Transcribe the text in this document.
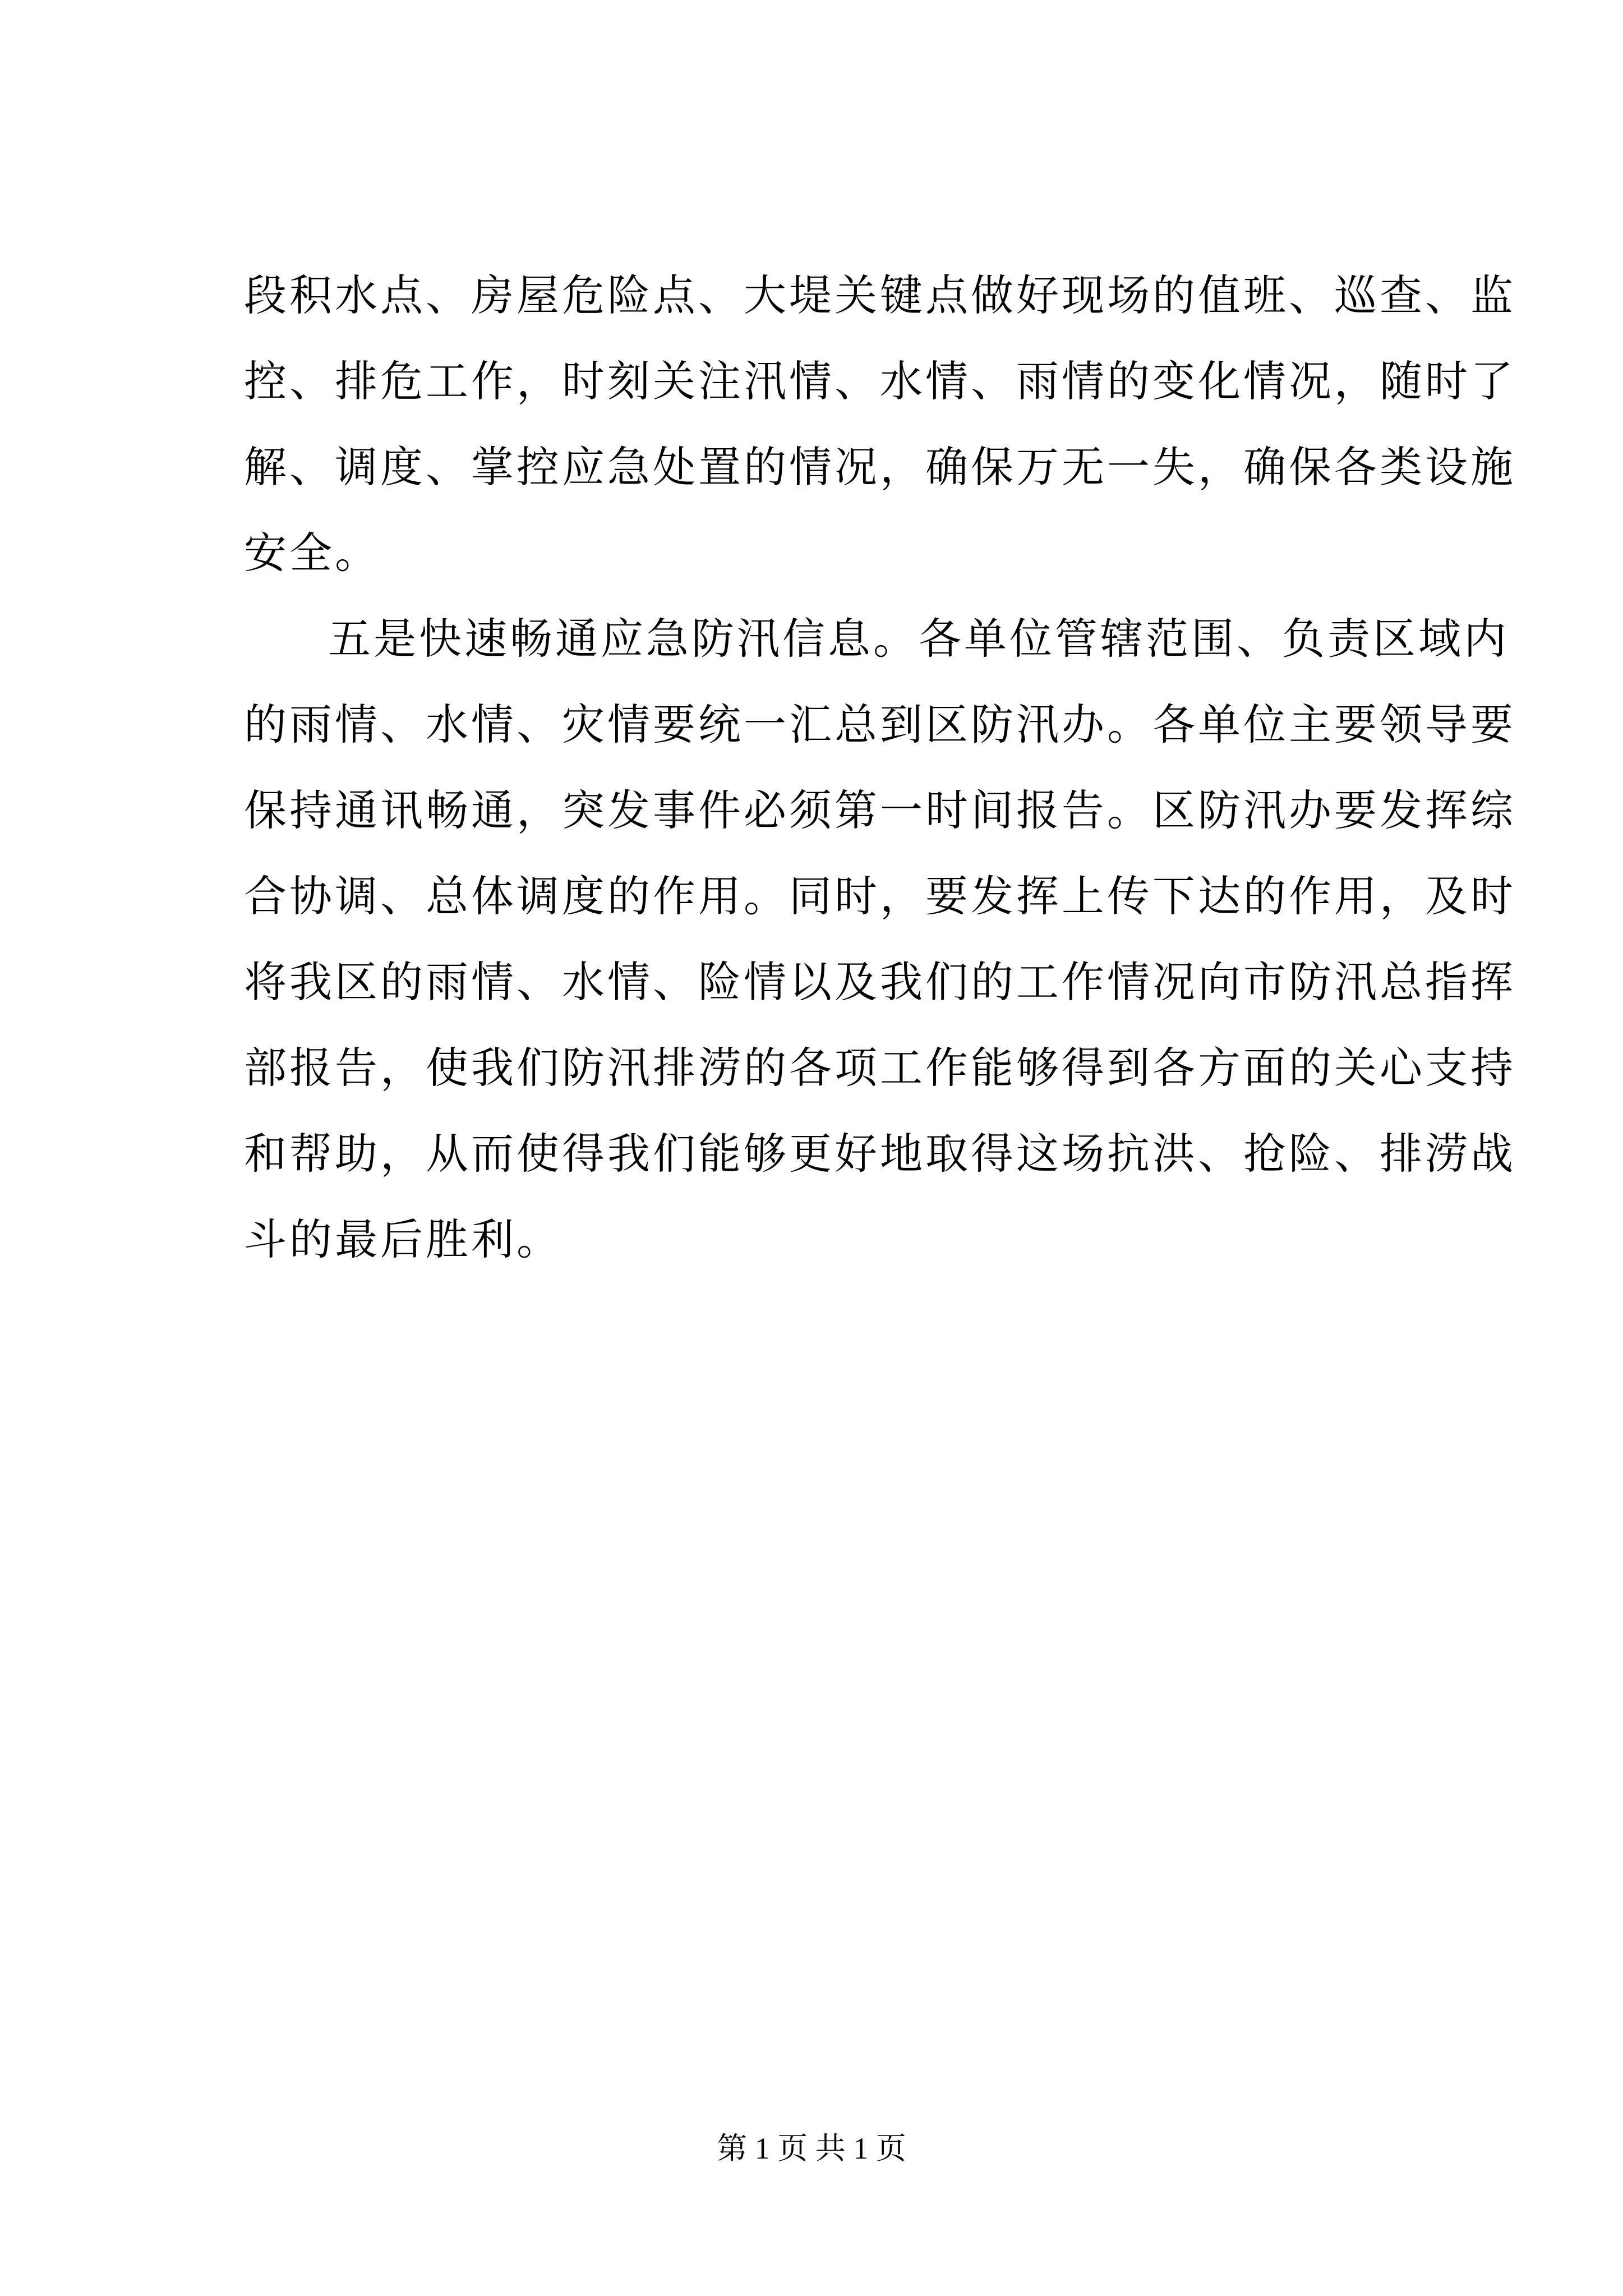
段积水点、房屋危险点、大堤关键点做好现场的值班、巡查、监
控、排危工作，时刻关注汛情、水情、雨情的变化情况，随时了
解、调度、掌控应急处置的情况，确保万无一失，确保各类设施
安全。
五是快速畅通应急防汛信息。各单位管辖范围、负责区域内
的雨情、水情、灾情要统一汇总到区防汛办。各单位主要领导要
保持通讯畅通，突发事件必须第一时间报告。区防汛办要发挥综
合协调、总体调度的作用。同时，要发挥上传下达的作用，及时
将我区的雨情、水情、险情以及我们的工作情况向市防汛总指挥
部报告，使我们防汛排涝的各项工作能够得到各方面的关心支持
和帮助，从而使得我们能够更好地取得这场抗洪、抢险、排涝战
斗的最后胜利。
第 1 页 共 1 页
